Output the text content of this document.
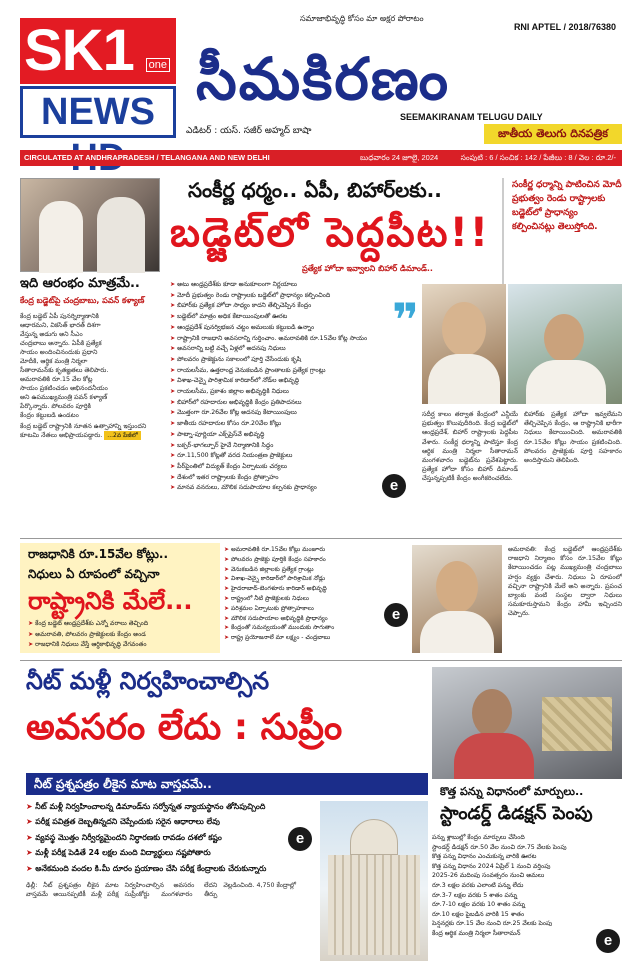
SK1	one
NEWS
సమాజాభివృద్ధి కోసం మా అక్షర పోరాటం
RNI APTEL / 2018/76380
సీమకిరణం
SEEMAKIRANAM TELUGU DAILY
ఎడిటర్ : యస్. సజీర్ అహ్మద్ బాషా	జాతీయ తెలుగు దినపత్రిక
CIRCULATED AT ANDHRAPRADESH / TELANGANA AND NEW DELHI	బుధవారం 24 జూలై, 2024	సంపుటి : 6 / సంచిక : 142 / పేజీలు : 8 / వెల : రూ.2/-
ఇది ఆరంభం మాత్రమే..
కేంద్ర బడ్జెట్‌పై చంద్రబాబు, పవన్ కళ్యాణ్

కేంద్ర బడ్జెట్ ఏపీ పునర్నిర్మాణానికి

ఆధారమని, వికసిత్ భారత్ దిశగా

వేస్తున్న అడుగు అని సీఎం

చంద్రబాబు అన్నారు. ఏపీకి ప్రత్యేక

సాయం అందించినందుకు ప్రధాని

మోదీకి, ఆర్థిక మంత్రి నిర్మలా

సీతారామన్‌కు కృతజ్ఞతలు తెలిపారు.

అమరావతికి రూ.15 వేల కోట్ల

సాయం ప్రకటించడం అభినందనీయం

అని ఉపముఖ్యమంత్రి పవన్ కళ్యాణ్

పేర్కొన్నారు. పోలవరం పూర్తికి

కేంద్రం కట్టుబడి ఉండటం

కేంద్ర బడ్జెట్ రాష్ట్రానికి నూతన ఉత్సాహాన్ని ఇస్తుందని కూటమి నేతలు అభిప్రాయపడ్డారు. ...2వ పేజీలో
సంకీర్ణ ధర్మం.. ఏపీ, బిహార్‌లకు..
బడ్జెట్‌లో పెద్దపీట!!
ప్రత్యేక హోదా ఇవ్వాలని బిహార్ డిమాండ్..
సంకీర్ణ ధర్మాన్ని పాటించిన మోదీ ప్రభుత్వం రెండు రాష్ట్రాలకు బడ్జెట్‌లో ప్రాధాన్యం కల్పించినట్లు తెలుస్తోంది.
➤ అటు ఆంధ్రప్రదేశ్‌కు కూడా అనుకూలంగా నిర్ణయాలు
➤ మోదీ ప్రభుత్వం రెండు రాష్ట్రాలకు బడ్జెట్‌లో ప్రాధాన్యం కల్పించింది
➤ బిహార్‌కు ప్రత్యేక హోదా సాధ్యం కాదని తేల్చిచెప్పిన కేంద్రం
➤ బడ్జెట్‌లో మాత్రం అధిక కేటాయింపులతో ఊరట
➤ ఆంధ్రప్రదేశ్ పునర్విభజన చట్టం అమలుకు కట్టుబడి ఉన్నాం
➤ రాష్ట్రానికి రాజధాని అవసరాన్ని గుర్తించాం. అమరావతికి రూ.15వేల కోట్ల సాయం
➤ అవసరాన్ని బట్టి వచ్చే ఏళ్లలో అదనపు నిధులు
➤ పోలవరం ప్రాజెక్టును సకాలంలో పూర్తి చేసేందుకు కృషి
➤ రాయలసీమ, ఉత్తరాంధ్ర వెనుకబడిన ప్రాంతాలకు ప్రత్యేక గ్రాంట్లు
➤ విశాఖ-చెన్నై పారిశ్రామిక కారిడార్‌లో నోడ్‌ల అభివృద్ధి
➤ రాయలసీమ, ప్రకాశం జిల్లాల అభివృద్ధికి నిధులు
➤ బిహార్‌లో రహదారుల అభివృద్ధికి కేంద్రం ప్రతిపాదనలు
➤ మొత్తంగా రూ.26వేల కోట్ల అదనపు కేటాయింపులు
➤ జాతీయ రహదారుల కోసం రూ.20వేల కోట్లు
➤ పాట్నా-పూర్ణియా ఎక్స్‌ప్రెస్‌వే అభివృద్ధి
➤ బక్సర్-భాగల్పూర్ హైవే నిర్మాణానికి సిద్ధం
➤ రూ.11,500 కోట్లతో వరద నియంత్రణ ప్రాజెక్టులు
➤ పీర్‌పైంతిలో విద్యుత్ కేంద్రం ఏర్పాటుకు చర్యలు
➤ దేశంలో ఇతర రాష్ట్రాలకు కేంద్రం ప్రోత్సాహం
➤ మానవ వనరులు, మౌలిక సదుపాయాల కల్పనకు ప్రాధాన్యం
❞
సదీర్ఘ కాలం తర్వాత కేంద్రంలో ఎన్డీయే ప్రభుత్వం కొలువుదీరింది. కేంద్ర బడ్జెట్‌లో ఆంధ్రప్రదేశ్, బిహార్ రాష్ట్రాలకు పెద్దపీట వేశారు. సంకీర్ణ ధర్మాన్ని పాటిస్తూ కేంద్ర ఆర్థిక మంత్రి నిర్మలా సీతారామన్ మంగళవారం బడ్జెట్‌ను ప్రవేశపెట్టారు. ప్రత్యేక హోదా కోసం బిహార్ డిమాండ్ చేస్తున్నప్పటికీ కేంద్రం అంగీకరించలేదు.
బిహార్‌కు ప్రత్యేక హోదా ఇవ్వలేమని తేల్చిచెప్పిన కేంద్రం, ఆ రాష్ట్రానికి భారీగా నిధులు కేటాయించింది. అమరావతికి రూ.15వేల కోట్లు సాయం ప్రకటించింది. పోలవరం ప్రాజెక్టుకు పూర్తి సహకారం అందిస్తామని తెలిపింది.
e
రాజధానికి రూ.15వేల కోట్లు..
నిధులు ఏ రూపంలో వచ్చినా
రాష్ట్రానికి మేలే...
➤ కేంద్ర బడ్జెట్ ఆంధ్రప్రదేశ్‌కు ఎన్నో వరాలు తెచ్చింది
➤ అమరావతి, పోలవరం ప్రాజెక్టులకు కేంద్రం అండ
➤ రాజధానికి నిధులు వేస్తే ఆర్థికాభివృద్ధి వేగవంతం
➤ అమరావతికి రూ.15వేల కోట్లు మంజూరు
➤ పోలవరం ప్రాజెక్టు పూర్తికి కేంద్రం సహకారం
➤ వెనుకబడిన జిల్లాలకు ప్రత్యేక గ్రాంట్లు
➤ విశాఖ-చెన్నై కారిడార్‌లో పారిశ్రామిక నోడ్లు
➤ హైదరాబాద్-బెంగళూరు కారిడార్ అభివృద్ధి
➤ రాష్ట్రంలో నీటి ప్రాజెక్టులకు నిధులు
➤ పరిశ్రమల ఏర్పాటుకు ప్రోత్సాహకాలు
➤ మౌలిక సదుపాయాల అభివృద్ధికి ప్రాధాన్యం
➤ కేంద్రంతో సమన్వయంతో ముందుకు సాగుతాం
➤ రాష్ట్ర ప్రయోజనాలే మా లక్ష్యం - చంద్రబాబు
అమరావతి: కేంద్ర బడ్జెట్‌లో ఆంధ్రప్రదేశ్‌కు రాజధాని నిర్మాణం కోసం రూ.15వేల కోట్లు కేటాయించడం పట్ల ముఖ్యమంత్రి చంద్రబాబు హర్షం వ్యక్తం చేశారు. నిధులు ఏ రూపంలో వచ్చినా రాష్ట్రానికి మేలే అని అన్నారు. ప్రపంచ బ్యాంకు వంటి సంస్థల ద్వారా నిధులు సమకూరుస్తామని కేంద్రం హామీ ఇచ్చిందని చెప్పారు.
e
నీట్ మళ్లీ నిర్వహించాల్సిన
అవసరం లేదు : సుప్రీం
నీట్ ప్రశ్నపత్రం లీకైన మాట వాస్తవమే..
➤ నీట్ మళ్లీ నిర్వహించాలన్న డిమాండ్‌ను సర్వోన్నత న్యాయస్థానం తోసిపుచ్చింది
➤ పరీక్ష పవిత్రత దెబ్బతిన్నదని చెప్పేందుకు సరైన ఆధారాలు లేవు
➤ వ్యవస్థ మొత్తం నిర్వీర్యమైందని నిర్ధారణకు రావడం దశలో కష్టం
➤ మళ్లీ పరీక్ష పెడితే 24 లక్షల మంది విద్యార్థులు నష్టపోతారు
➤ అనేకమంది వందల కి.మీ దూరం ప్రయాణం చేసి పరీక్ష కేంద్రాలకు చేరుకున్నారు
ఢిల్లీ: నీట్ ప్రశ్నపత్రం లీకైన మాట వాస్తవమే అయినప్పటికీ మళ్లీ పరీక్ష నిర్వహించాల్సిన అవసరం లేదని సుప్రీంకోర్టు మంగళవారం తీర్పు వెల్లడించింది. 4,750 కేంద్రాల్లో
e
కొత్త పన్ను విధానంలో మార్పులు..
స్టాండర్డ్ డిడక్షన్ పెంపు

పన్ను శ్లాబుల్లో కేంద్రం మార్పులు చేసింది

స్టాండర్డ్ డిడక్షన్ రూ.50 వేల నుంచి రూ.75 వేలకు పెంపు

కొత్త పన్ను విధానం ఎంచుకున్న వారికి ఊరట

కొత్త పన్ను విధానం 2024 ఏప్రిల్ 1 నుంచి వర్తింపు

2025-26 మదింపు సంవత్సరం నుంచి అమలు

రూ.3 లక్షల వరకు ఎలాంటి పన్ను లేదు

రూ.3-7 లక్షల వరకు 5 శాతం పన్ను

రూ.7-10 లక్షల వరకు 10 శాతం పన్ను

రూ.10 లక్షల పైబడిన వారికి 15 శాతం

పెన్షనర్లకు రూ.15 వేల నుంచి రూ.25 వేలకు పెంపు

కేంద్ర ఆర్థిక మంత్రి నిర్మలా సీతారామన్	e
